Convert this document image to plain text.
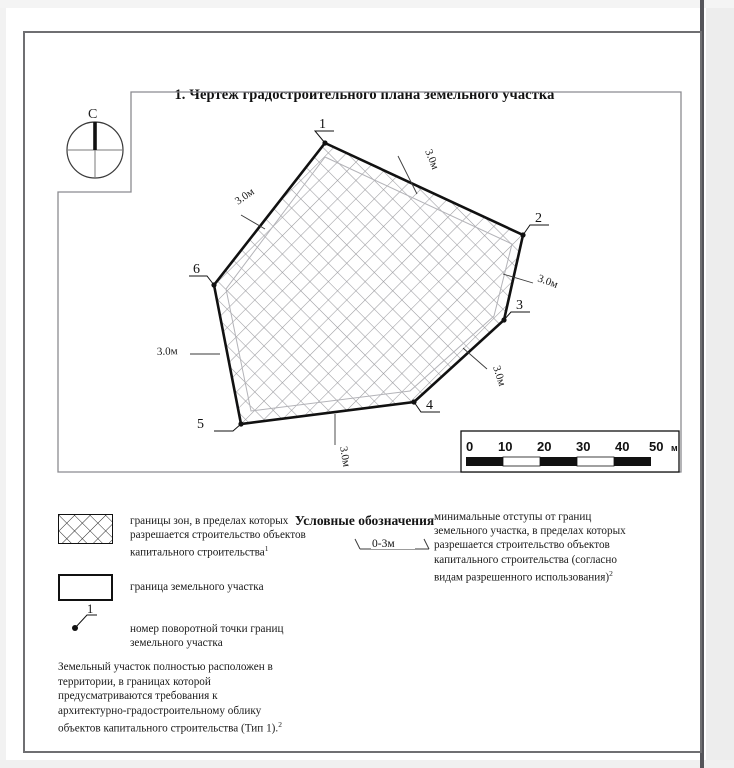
1. Чертеж градостроительного плана земельного участка
1
2
3
4
5
6
3.0м
3.0м
3.0м
3.0м
3.0м
3.0м
0 10 20 30 40 50 м
1
0-3м
Условные обозначения
границы зон, в пределах которых
разрешается строительство объектов
капитального строительства$^1$
граница земельного участка
номер поворотной точки границ
земельного участка
минимальные отступы от границ
земельного участка, в пределах которых
разрешается строительство объектов
капитального строительства (согласно
видам разрешенного использования)$^2$
Земельный участок полностью расположен в
территории, в границах которой
предусматриваются требования к
архитектурно-градостроительному облику
объектов капитального строительства (Тип 1).$^2$
С
